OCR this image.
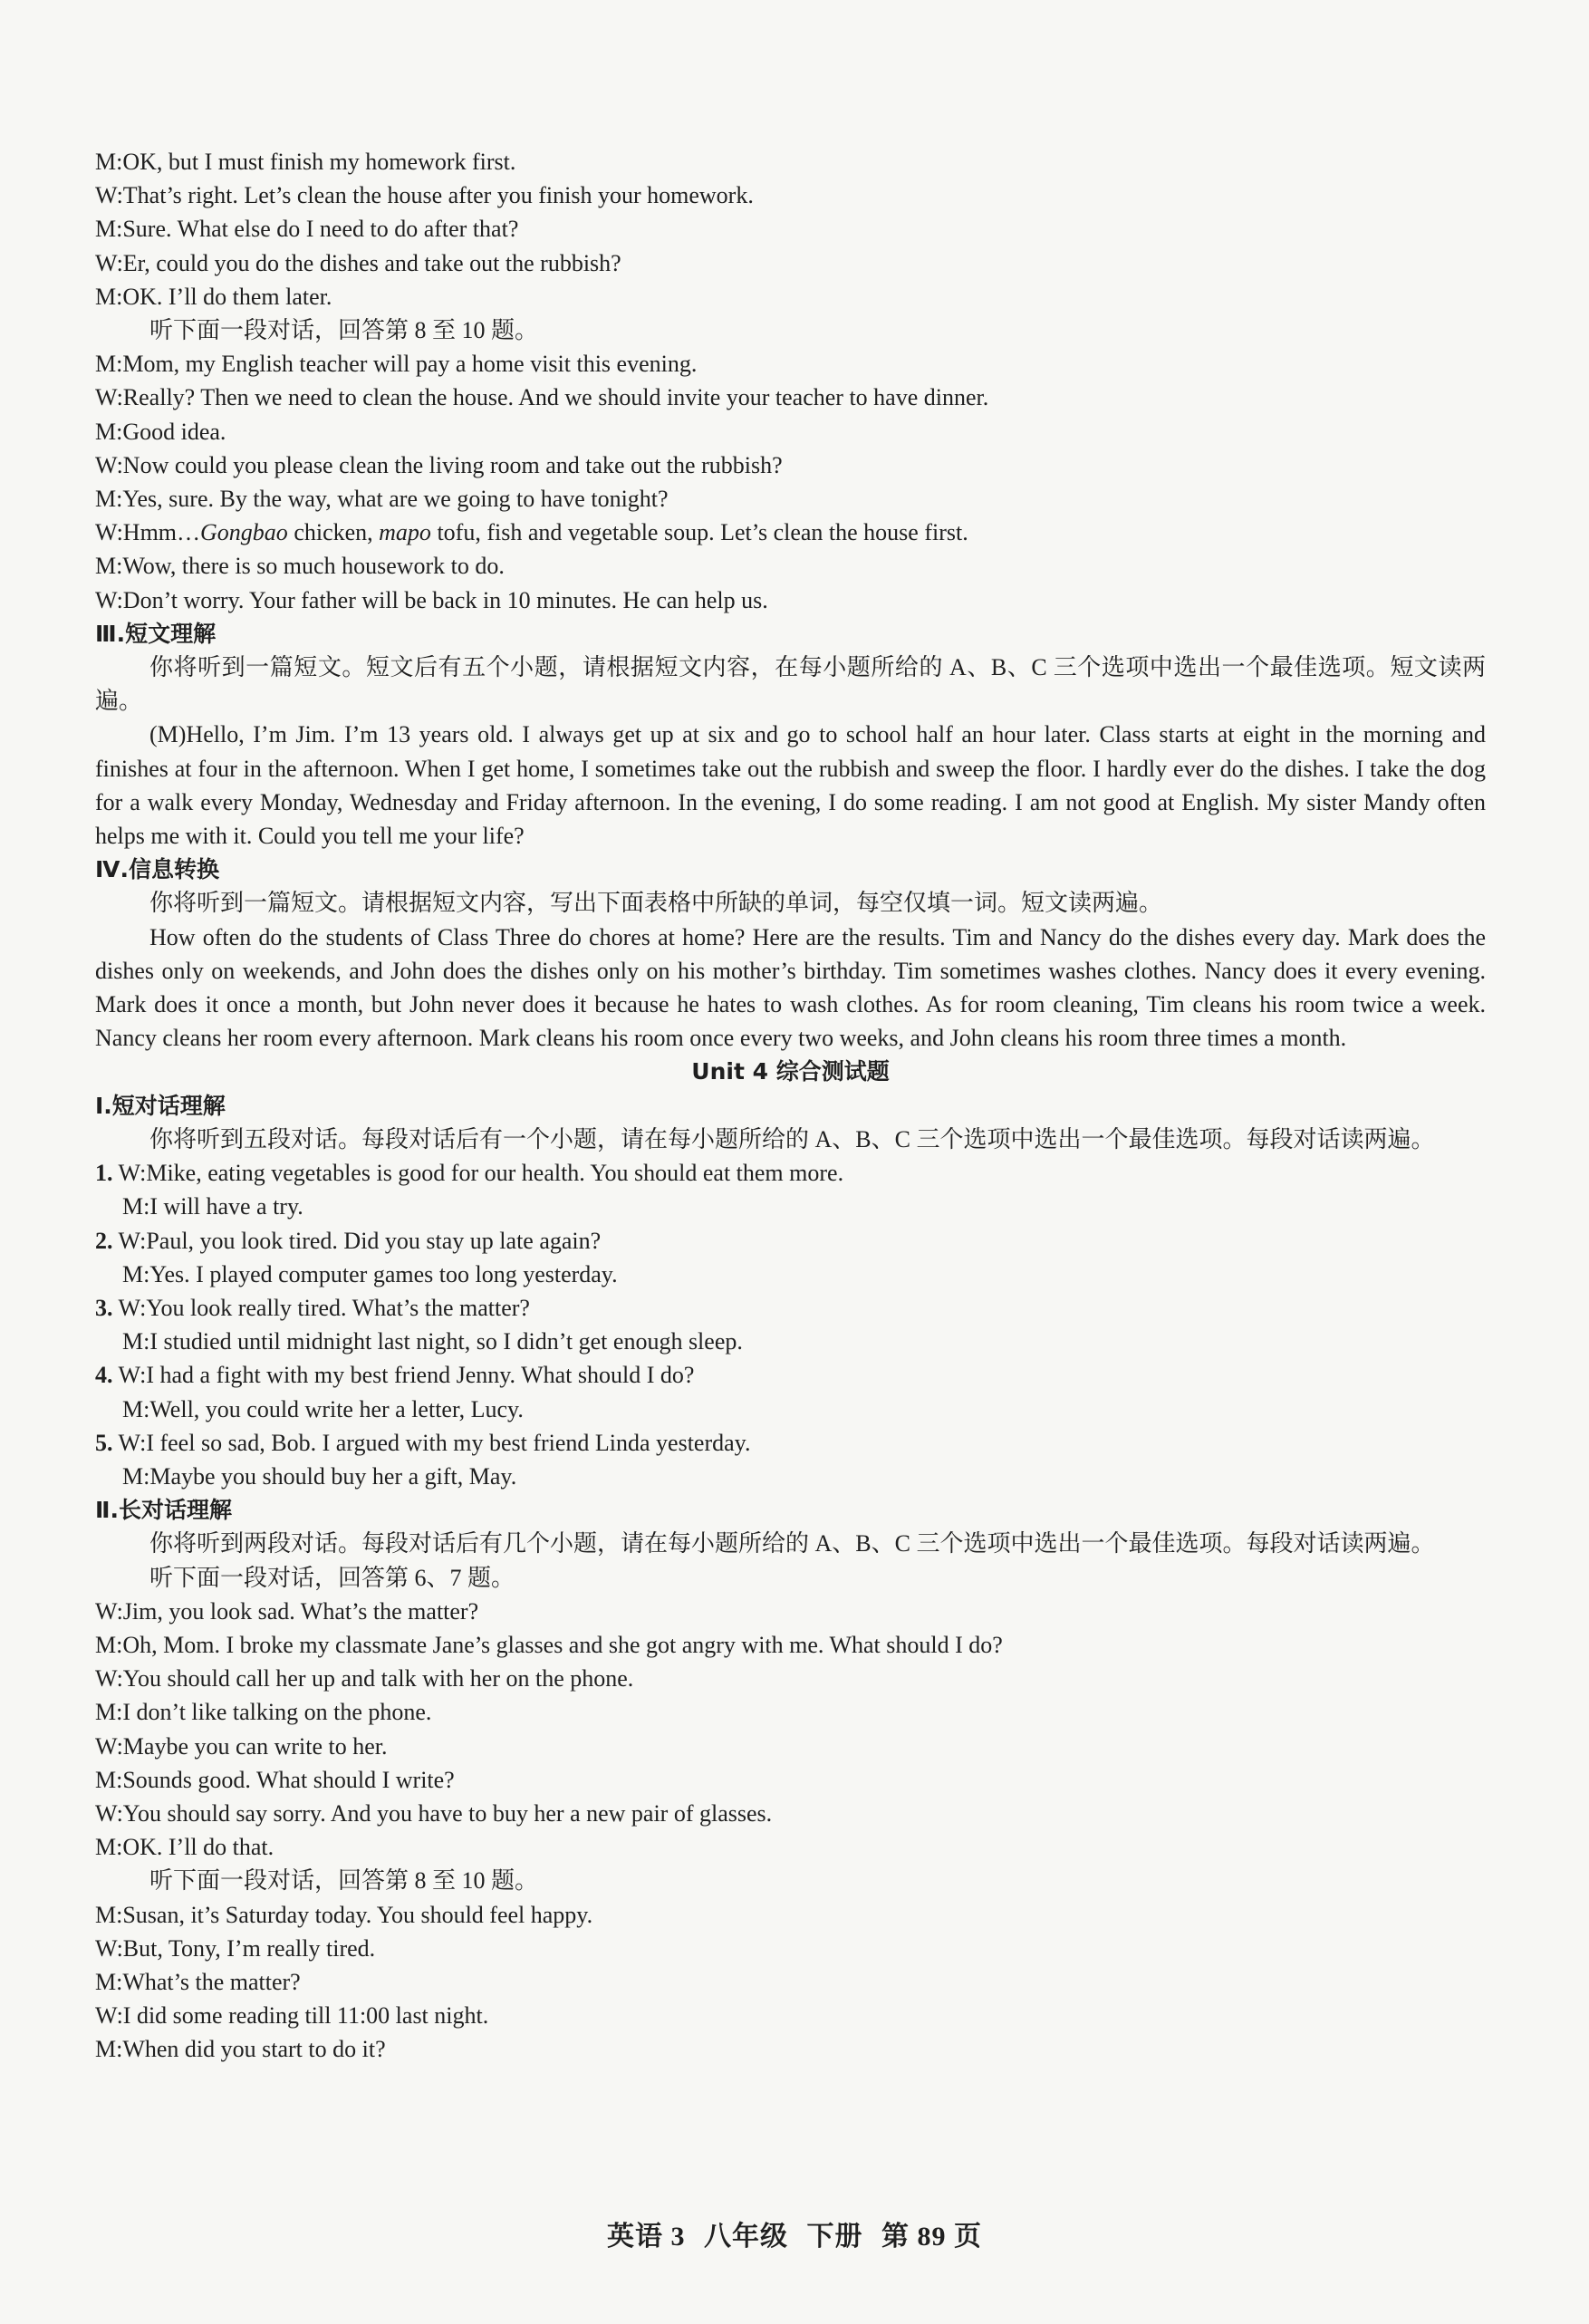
M:OK, but I must finish my homework first.
W:That’s right. Let’s clean the house after you finish your homework.
M:Sure. What else do I need to do after that?
W:Er, could you do the dishes and take out the rubbish?
M:OK. I’ll do them later.
听下面一段对话，回答第 8 至 10 题。
M:Mom, my English teacher will pay a home visit this evening.
W:Really? Then we need to clean the house. And we should invite your teacher to have dinner.
M:Good idea.
W:Now could you please clean the living room and take out the rubbish?
M:Yes, sure. By the way, what are we going to have tonight?
W:Hmm…Gongbao chicken, mapo tofu, fish and vegetable soup. Let’s clean the house first.
M:Wow, there is so much housework to do.
W:Don’t worry. Your father will be back in 10 minutes. He can help us.
Ⅲ.短文理解
你将听到一篇短文。短文后有五个小题，请根据短文内容，在每小题所给的 A、B、C 三个选项中选出一个最佳选项。短文读两遍。
(M)Hello, I’m Jim. I’m 13 years old. I always get up at six and go to school half an hour later. Class starts at eight in the morning and finishes at four in the afternoon. When I get home, I sometimes take out the rubbish and sweep the floor. I hardly ever do the dishes. I take the dog for a walk every Monday, Wednesday and Friday afternoon. In the evening, I do some reading. I am not good at English. My sister Mandy often helps me with it. Could you tell me your life?
Ⅳ.信息转换
你将听到一篇短文。请根据短文内容，写出下面表格中所缺的单词，每空仅填一词。短文读两遍。
How often do the students of Class Three do chores at home? Here are the results. Tim and Nancy do the dishes every day. Mark does the dishes only on weekends, and John does the dishes only on his mother’s birthday. Tim sometimes washes clothes. Nancy does it every evening. Mark does it once a month, but John never does it because he hates to wash clothes. As for room cleaning, Tim cleans his room twice a week. Nancy cleans her room every afternoon. Mark cleans his room once every two weeks, and John cleans his room three times a month.
Unit 4 综合测试题
Ⅰ.短对话理解
你将听到五段对话。每段对话后有一个小题，请在每小题所给的 A、B、C 三个选项中选出一个最佳选项。每段对话读两遍。
1. W:Mike, eating vegetables is good for our health. You should eat them more.
M:I will have a try.
2. W:Paul, you look tired. Did you stay up late again?
M:Yes. I played computer games too long yesterday.
3. W:You look really tired. What’s the matter?
M:I studied until midnight last night, so I didn’t get enough sleep.
4. W:I had a fight with my best friend Jenny. What should I do?
M:Well, you could write her a letter, Lucy.
5. W:I feel so sad, Bob. I argued with my best friend Linda yesterday.
M:Maybe you should buy her a gift, May.
Ⅱ.长对话理解
你将听到两段对话。每段对话后有几个小题，请在每小题所给的 A、B、C 三个选项中选出一个最佳选项。每段对话读两遍。
听下面一段对话，回答第 6、7 题。
W:Jim, you look sad. What’s the matter?
M:Oh, Mom. I broke my classmate Jane’s glasses and she got angry with me. What should I do?
W:You should call her up and talk with her on the phone.
M:I don’t like talking on the phone.
W:Maybe you can write to her.
M:Sounds good. What should I write?
W:You should say sorry. And you have to buy her a new pair of glasses.
M:OK. I’ll do that.
听下面一段对话，回答第 8 至 10 题。
M:Susan, it’s Saturday today. You should feel happy.
W:But, Tony, I’m really tired.
M:What’s the matter?
W:I did some reading till 11:00 last night.
M:When did you start to do it?
英语 3 八年级 下册 第 89 页
